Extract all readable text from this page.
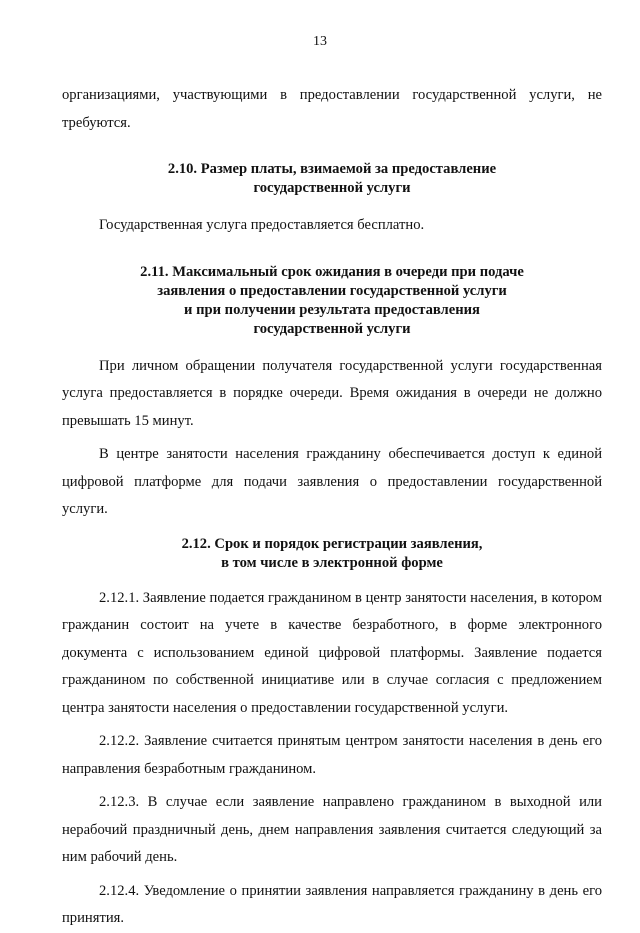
13

организациями, участвующими в предоставлении государственной услуги, не требуются.

2.10. Размер платы, взимаемой за предоставление
государственной услуги

Государственная услуга предоставляется бесплатно.

2.11. Максимальный срок ожидания в очереди при подаче
заявления о предоставлении государственной услуги
и при получении результата предоставления
государственной услуги

При личном обращении получателя государственной услуги государственная услуга предоставляется в порядке очереди. Время ожидания в очереди не должно превышать 15 минут.

В центре занятости населения гражданину обеспечивается доступ к единой цифровой платформе для подачи заявления о предоставлении государственной услуги.

2.12. Срок и порядок регистрации заявления,
в том числе в электронной форме

2.12.1. Заявление подается гражданином в центр занятости населения, в котором гражданин состоит на учете в качестве безработного, в форме электронного документа с использованием единой цифровой платформы. Заявление подается гражданином по собственной инициативе или в случае согласия с предложением центра занятости населения о предоставлении государственной услуги.

2.12.2. Заявление считается принятым центром занятости населения в день его направления безработным гражданином.

2.12.3. В случае если заявление направлено гражданином в выходной или нерабочий праздничный день, днем направления заявления считается следующий за ним рабочий день.

2.12.4. Уведомление о принятии заявления направляется гражданину в день его принятия.
